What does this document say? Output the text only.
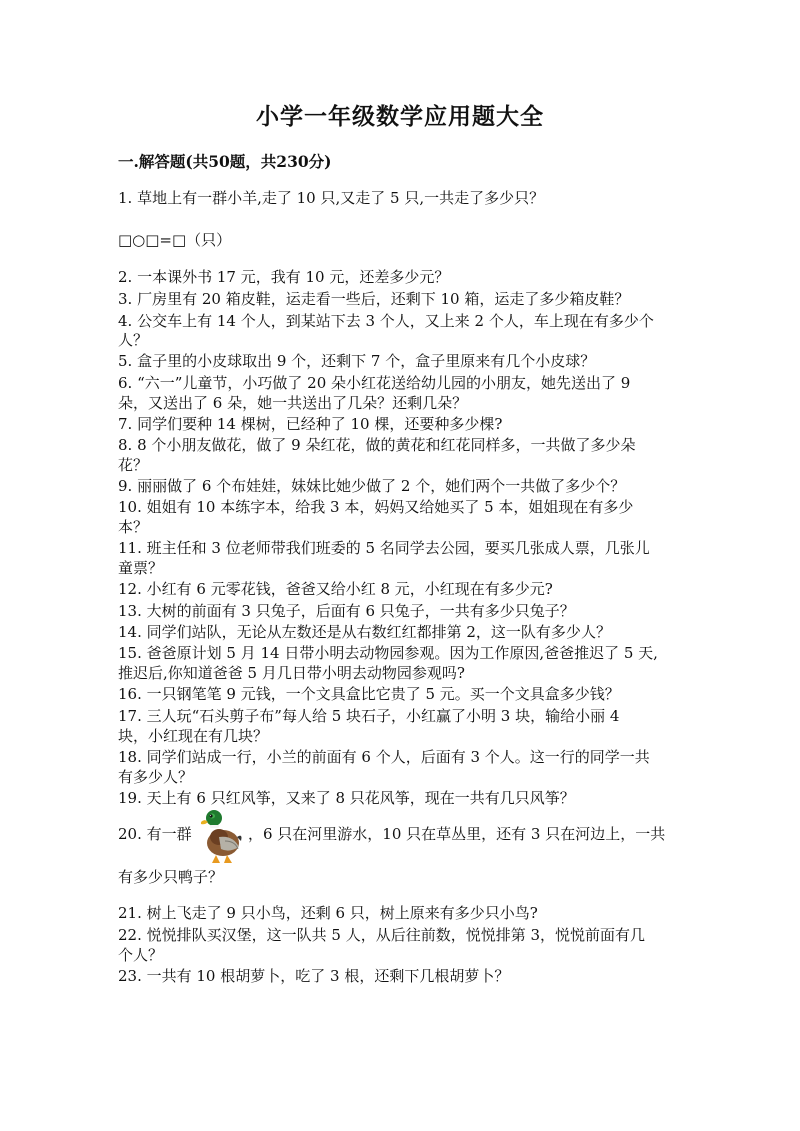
小学一年级数学应用题大全
一.解答题(共50题，共230分)
1. 草地上有一群小羊,走了 10 只,又走了 5 只,一共走了多少只？
□○□=□（只）
2. 一本课外书 17 元，我有 10 元，还差多少元？
3. 厂房里有 20 箱皮鞋，运走看一些后，还剩下 10 箱，运走了多少箱皮鞋？
4. 公交车上有 14 个人，到某站下去 3 个人，又上来 2 个人，车上现在有多少个
人？
5. 盒子里的小皮球取出 9 个，还剩下 7 个，盒子里原来有几个小皮球？
6. “六一”儿童节，小巧做了 20 朵小红花送给幼儿园的小朋友，她先送出了 9
朵，又送出了 6 朵，她一共送出了几朵？还剩几朵？
7. 同学们要种 14 棵树，已经种了 10 棵，还要种多少棵?
8. 8 个小朋友做花，做了 9 朵红花，做的黄花和红花同样多，一共做了多少朵
花？
9. 丽丽做了 6 个布娃娃，妹妹比她少做了 2 个，她们两个一共做了多少个？
10. 姐姐有 10 本练字本，给我 3 本，妈妈又给她买了 5 本，姐姐现在有多少
本？
11. 班主任和 3 位老师带我们班委的 5 名同学去公园，要买几张成人票，几张儿
童票？
12. 小红有 6 元零花钱，爸爸又给小红 8 元，小红现在有多少元?
13. 大树的前面有 3 只兔子，后面有 6 只兔子，一共有多少只兔子？
14. 同学们站队，无论从左数还是从右数红红都排第 2，这一队有多少人？
15. 爸爸原计划 5 月 14 日带小明去动物园参观。因为工作原因,爸爸推迟了 5 天,
推迟后,你知道爸爸 5 月几日带小明去动物园参观吗?
16. 一只钢笔笔 9 元钱，一个文具盒比它贵了 5 元。买一个文具盒多少钱？
17. 三人玩“石头剪子布”每人给 5 块石子，小红赢了小明 3 块，输给小丽 4
块，小红现在有几块？
18. 同学们站成一行，小兰的前面有 6 个人，后面有 3 个人。这一行的同学一共
有多少人？
19. 天上有 6 只红风筝，又来了 8 只花风筝，现在一共有几只风筝？
20. 有一群	，6 只在河里游水，10 只在草丛里，还有 3 只在河边上，一共
有多少只鸭子？
21. 树上飞走了 9 只小鸟，还剩 6 只，树上原来有多少只小鸟?
22. 悦悦排队买汉堡，这一队共 5 人，从后往前数，悦悦排第 3，悦悦前面有几
个人？
23. 一共有 10 根胡萝卜，吃了 3 根，还剩下几根胡萝卜？
